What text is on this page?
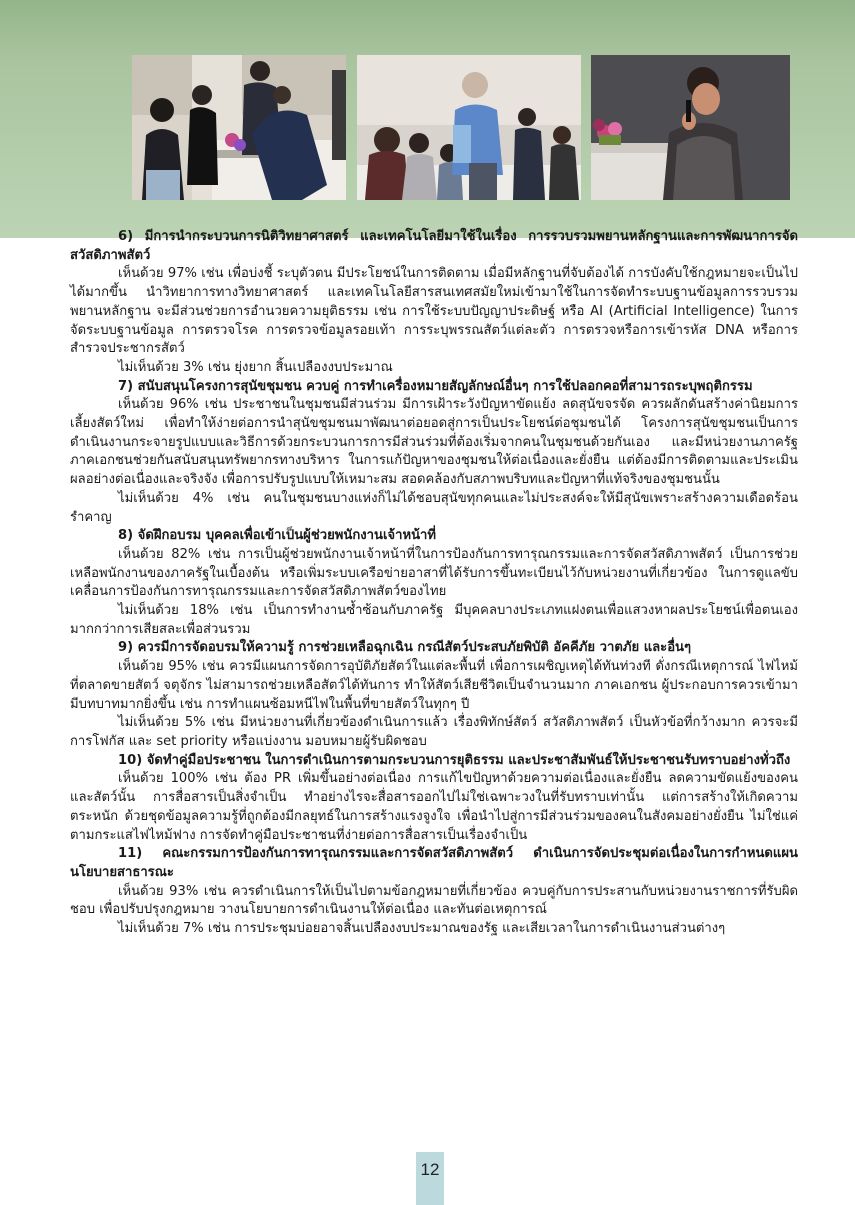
6) มีการนำกระบวนการนิติวิทยาศาสตร์ และเทคโนโลยีมาใช้ในเรื่อง การรวบรวมพยานหลักฐานและการพัฒนาการจัดสวัสดิภาพสัตว์

เห็นด้วย 97% เช่น เพื่อบ่งชี้ ระบุตัวตน มีประโยชน์ในการติดตาม เมื่อมีหลักฐานที่จับต้องได้ การบังคับใช้กฎหมายจะเป็นไปได้มากขึ้น นำวิทยาการทางวิทยาศาสตร์ และเทคโนโลยีสารสนเทศสมัยใหม่เข้ามาใช้ในการจัดทำระบบฐานข้อมูลการรวบรวมพยานหลักฐาน จะมีส่วนช่วยการอำนวยความยุติธรรม เช่น การใช้ระบบปัญญาประดิษฐ์ หรือ AI (Artificial Intelligence) ในการจัดระบบฐานข้อมูล การตรวจโรค การตรวจข้อมูลรอยเท้า การระบุพรรณสัตว์แต่ละตัว การตรวจหรือการเข้ารหัส DNA หรือการสำรวจประชากรสัตว์

ไม่เห็นด้วย 3% เช่น ยุ่งยาก สิ้นเปลืองงบประมาณ

7) สนับสนุนโครงการสุนัขชุมชน ควบคู่ การทำเครื่องหมายสัญลักษณ์อื่นๆ การใช้ปลอกคอที่สามารถระบุพฤติกรรม

เห็นด้วย 96% เช่น ประชาชนในชุมชนมีส่วนร่วม มีการเฝ้าระวังปัญหาขัดแย้ง ลดสุนัขจรจัด ควรผลักดันสร้างค่านิยมการเลี้ยงสัตว์ใหม่ เพื่อทำให้ง่ายต่อการนำสุนัขชุมชนมาพัฒนาต่อยอดสู่การเป็นประโยชน์ต่อชุมชนได้ โครงการสุนัขชุมชนเป็นการดำเนินงานกระจายรูปแบบและวิธีการด้วยกระบวนการการมีส่วนร่วมที่ต้องเริ่มจากคนในชุมชนด้วยกันเอง และมีหน่วยงานภาครัฐภาคเอกชนช่วยกันสนับสนุนทรัพยากรทางบริหาร ในการแก้ปัญหาของชุมชนให้ต่อเนื่องและยั่งยืน แต่ต้องมีการติดตามและประเมินผลอย่างต่อเนื่องและจริงจัง เพื่อการปรับรูปแบบให้เหมาะสม สอดคล้องกับสภาพบริบทและปัญหาที่แท้จริงของชุมชนนั้น

ไม่เห็นด้วย 4% เช่น คนในชุมชนบางแห่งก็ไม่ได้ชอบสุนัขทุกคนและไม่ประสงค์จะให้มีสุนัขเพราะสร้างความเดือดร้อนรำคาญ

8) จัดฝึกอบรม บุคคลเพื่อเข้าเป็นผู้ช่วยพนักงานเจ้าหน้าที่

เห็นด้วย 82% เช่น การเป็นผู้ช่วยพนักงานเจ้าหน้าที่ในการป้องกันการทารุณกรรมและการจัดสวัสดิภาพสัตว์ เป็นการช่วยเหลือพนักงานของภาครัฐในเบื้องต้น หรือเพิ่มระบบเครือข่ายอาสาที่ได้รับการขึ้นทะเบียนไว้กับหน่วยงานที่เกี่ยวข้อง ในการดูแลขับเคลื่อนการป้องกันการทารุณกรรมและการจัดสวัสดิภาพสัตว์ของไทย

ไม่เห็นด้วย 18% เช่น เป็นการทำงานซ้ำซ้อนกับภาครัฐ มีบุคคลบางประเภทแฝงตนเพื่อแสวงหาผลประโยชน์เพื่อตนเองมากกว่าการเสียสละเพื่อส่วนรวม

9) ควรมีการจัดอบรมให้ความรู้ การช่วยเหลือฉุกเฉิน กรณีสัตว์ประสบภัยพิบัติ อัคคีภัย วาตภัย และอื่นๆ

เห็นด้วย 95% เช่น ควรมีแผนการจัดการอุบัติภัยสัตว์ในแต่ละพื้นที่ เพื่อการเผชิญเหตุได้ทันท่วงที ดั่งกรณีเหตุการณ์ ไฟไหม้ที่ตลาดขายสัตว์ จตุจักร ไม่สามารถช่วยเหลือสัตว์ได้ทันการ ทำให้สัตว์เสียชีวิตเป็นจำนวนมาก ภาคเอกชน ผู้ประกอบการควรเข้ามามีบทบาทมากยิ่งขึ้น เช่น การทำแผนซ้อมหนีไฟในพื้นที่ขายสัตว์ในทุกๆ ปี

ไม่เห็นด้วย 5% เช่น มีหน่วยงานที่เกี่ยวข้องดำเนินการแล้ว เรื่องพิทักษ์สัตว์ สวัสดิภาพสัตว์ เป็นหัวข้อที่กว้างมาก ควรจะมีการโฟกัส และ set priority หรือแบ่งงาน มอบหมายผู้รับผิดชอบ

10) จัดทำคู่มือประชาชน ในการดำเนินการตามกระบวนการยุติธรรม และประชาสัมพันธ์ให้ประชาชนรับทราบอย่างทั่วถึง

เห็นด้วย 100% เช่น ต้อง PR เพิ่มขึ้นอย่างต่อเนื่อง การแก้ไขปัญหาด้วยความต่อเนื่องและยั่งยืน ลดความขัดแย้งของคนและสัตว์นั้น การสื่อสารเป็นสิ่งจำเป็น ทำอย่างไรจะสื่อสารออกไปไม่ใช่เฉพาะวงในที่รับทราบเท่านั้น แต่การสร้างให้เกิดความตระหนัก ด้วยชุดข้อมูลความรู้ที่ถูกต้องมีกลยุทธ์ในการสร้างแรงจูงใจ เพื่อนำไปสู่การมีส่วนร่วมของคนในสังคมอย่างยั่งยืน ไม่ใช่แค่ตามกระแสไฟไหม้ฟาง การจัดทำคู่มือประชาชนที่ง่ายต่อการสื่อสารเป็นเรื่องจำเป็น

11) คณะกรรมการป้องกันการทารุณกรรมและการจัดสวัสดิภาพสัตว์ ดำเนินการจัดประชุมต่อเนื่องในการกำหนดแผน นโยบายสาธารณะ

เห็นด้วย 93% เช่น ควรดำเนินการให้เป็นไปตามข้อกฎหมายที่เกี่ยวข้อง ควบคู่กับการประสานกับหน่วยงานราชการที่รับผิดชอบ เพื่อปรับปรุงกฎหมาย วางนโยบายการดำเนินงานให้ต่อเนื่อง และทันต่อเหตุการณ์

ไม่เห็นด้วย 7% เช่น การประชุมบ่อยอาจสิ้นเปลืองงบประมาณของรัฐ และเสียเวลาในการดำเนินงานส่วนต่างๆ

12
